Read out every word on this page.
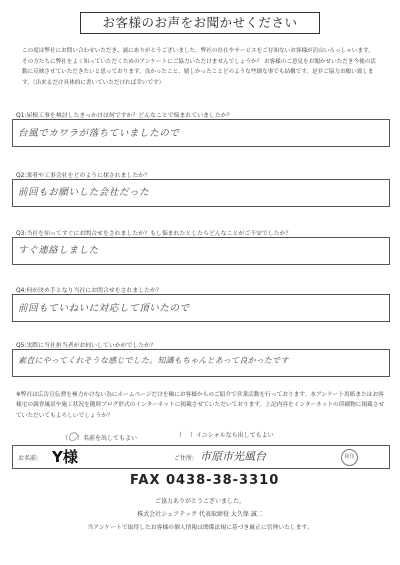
お客様のお声をお聞かせください
この度は弊社にお問い合わせいただき、誠にありがとうございました。弊社の存在やサービスをご存知ないお客様が沢山いらっしゃいます。その方たちに弊社をよく知っていただくためのアンケートにご協力いただけませんでしょうか？ お客様のご意見をお聞かせいただき今後の活動に反映させていただきたいと思っております。良かったこと、嬉しかったことどのような些細な事でも結構です。是非ご協力お願い致します。（出来るだけ具体的に書いていただければ幸いです）
Q1:屋根工事を検討したきっかけは何ですか？どんなことで悩まれていましたか？
台風でカワラが落ちていましたので
Q2:業者や工事会社をどのように探されましたか？
前回もお願いした会社だった
Q3:当社を知ってすぐにお問合せをされましたか？もし悩まれたとしたらどんなことがご不安でしたか？
すぐ連絡しました
Q4:何が決め手となり当社にお問合せをされましたか？
前回もていねいに対応して頂いたので
Q5:実際に当社担当者がお伺いしていかがでしたか？
素直にやってくれそうな感じでした。知識もちゃんとあって良かったです
※弊社は広告宣伝費を極力かけない為にホームページだけを軸にお客様からのご紹介で営業活動を行っております。本アンケート用紙またはお客様宅の調査風景や施工状況を随時ブログ形式のインターネットに掲載させていただいております。上記内容をインターネットの印刷物に掲載させていただいてもよろしいでしょうか？
（〇）名前を出してもよい	（ ）イニシャルなら出してもよい
お名前: Y様	ご住所: 市原市光風台	検印
FAX 0438-38-3310
ご協力ありがとうございました。
株式会社シェアテック 代表取締役 大久保 誠二
当アンケートで取得したお客様の個人情報は関係法規に基づき厳正に管理いたします。
